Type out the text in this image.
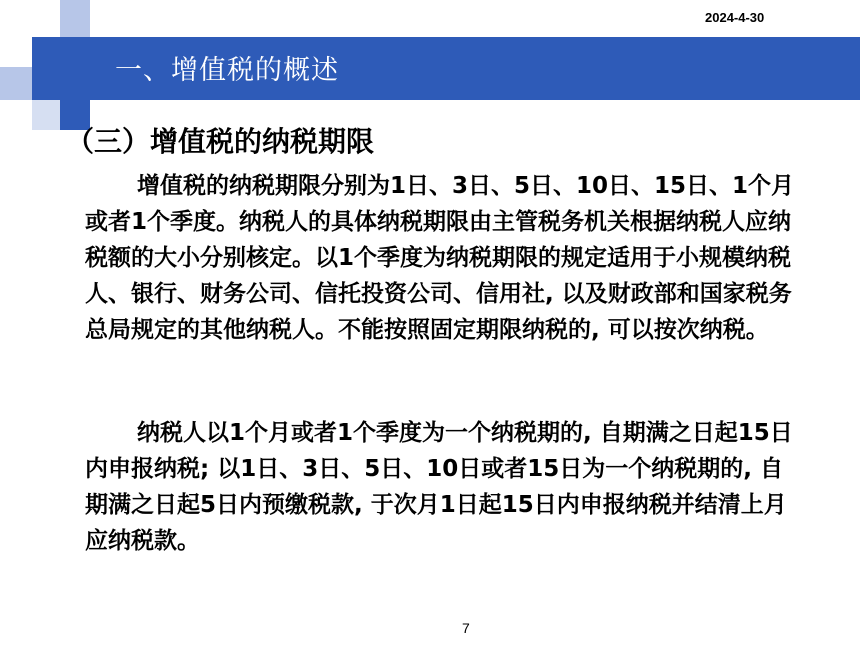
2024-4-30
一、增值税的概述
（三）增值税的纳税期限

增值税的纳税期限分别为1日、3日、5日、10日、15日、1个月或者1个季度。纳税人的具体纳税期限由主管税务机关根据纳税人应纳税额的大小分别核定。以1个季度为纳税期限的规定适用于小规模纳税人、银行、财务公司、信托投资公司、信用社, 以及财政部和国家税务总局规定的其他纳税人。不能按照固定期限纳税的, 可以按次纳税。

纳税人以1个月或者1个季度为一个纳税期的, 自期满之日起15日内申报纳税; 以1日、3日、5日、10日或者15日为一个纳税期的, 自期满之日起5日内预缴税款, 于次月1日起15日内申报纳税并结清上月应纳税款。

7
